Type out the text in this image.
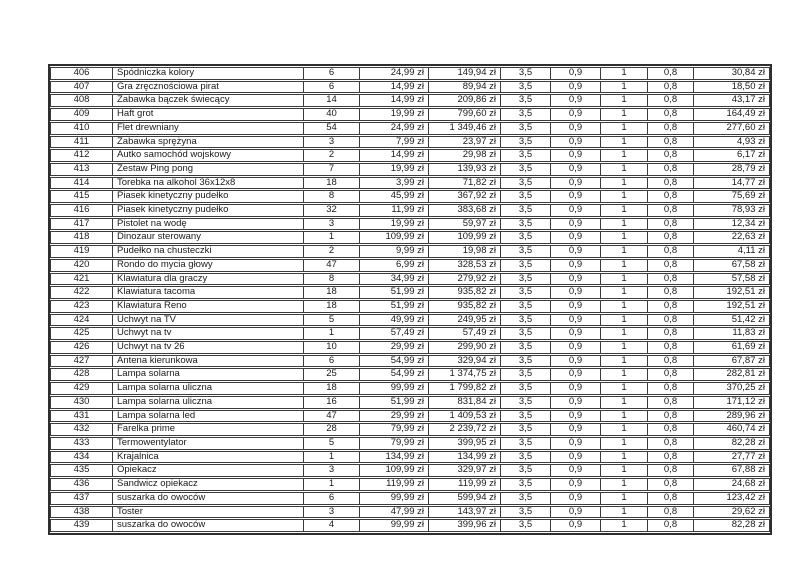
406	Spódniczka kolory	6	24,99 zł	149,94 zł	3,5	0,9	1	0,8	30,84 zł
407	Gra zręcznościowa pirat	6	14,99 zł	89,94 zł	3,5	0,9	1	0,8	18,50 zł
408	Zabawka bączek świecący	14	14,99 zł	209,86 zł	3,5	0,9	1	0,8	43,17 zł
409	Haft grot	40	19,99 zł	799,60 zł	3,5	0,9	1	0,8	164,49 zł
410	Flet drewniany	54	24,99 zł	1 349,46 zł	3,5	0,9	1	0,8	277,60 zł
411	Zabawka sprężyna	3	7,99 zł	23,97 zł	3,5	0,9	1	0,8	4,93 zł
412	Autko samochód wojskowy	2	14,99 zł	29,98 zł	3,5	0,9	1	0,8	6,17 zł
413	Zestaw Ping pong	7	19,99 zł	139,93 zł	3,5	0,9	1	0,8	28,79 zł
414	Torebka na alkohol 36x12x8	18	3,99 zł	71,82 zł	3,5	0,9	1	0,8	14,77 zł
415	Piasek kinetyczny pudełko	8	45,99 zł	367,92 zł	3,5	0,9	1	0,8	75,69 zł
416	Piasek kinetyczny pudełko	32	11,99 zł	383,68 zł	3,5	0,9	1	0,8	78,93 zł
417	Pistolet na wodę	3	19,99 zł	59,97 zł	3,5	0,9	1	0,8	12,34 zł
418	Dinozaur sterowany	1	109,99 zł	109,99 zł	3,5	0,9	1	0,8	22,63 zł
419	Pudełko na chusteczki	2	9,99 zł	19,98 zł	3,5	0,9	1	0,8	4,11 zł
420	Rondo do mycia głowy	47	6,99 zł	328,53 zł	3,5	0,9	1	0,8	67,58 zł
421	Klawiatura dla graczy	8	34,99 zł	279,92 zł	3,5	0,9	1	0,8	57,58 zł
422	Klawiatura tacoma	18	51,99 zł	935,82 zł	3,5	0,9	1	0,8	192,51 zł
423	Klawiatura Reno	18	51,99 zł	935,82 zł	3,5	0,9	1	0,8	192,51 zł
424	Uchwyt na TV	5	49,99 zł	249,95 zł	3,5	0,9	1	0,8	51,42 zł
425	Uchwyt na tv	1	57,49 zł	57,49 zł	3,5	0,9	1	0,8	11,83 zł
426	Uchwyt na tv 26	10	29,99 zł	299,90 zł	3,5	0,9	1	0,8	61,69 zł
427	Antena kierunkowa	6	54,99 zł	329,94 zł	3,5	0,9	1	0,8	67,87 zł
428	Lampa solarna	25	54,99 zł	1 374,75 zł	3,5	0,9	1	0,8	282,81 zł
429	Lampa solarna uliczna	18	99,99 zł	1 799,82 zł	3,5	0,9	1	0,8	370,25 zł
430	Lampa solarna uliczna	16	51,99 zł	831,84 zł	3,5	0,9	1	0,8	171,12 zł
431	Lampa solarna led	47	29,99 zł	1 409,53 zł	3,5	0,9	1	0,8	289,96 zł
432	Farelka prime	28	79,99 zł	2 239,72 zł	3,5	0,9	1	0,8	460,74 zł
433	Termowentylator	5	79,99 zł	399,95 zł	3,5	0,9	1	0,8	82,28 zł
434	Krajalnica	1	134,99 zł	134,99 zł	3,5	0,9	1	0,8	27,77 zł
435	Opiekacz	3	109,99 zł	329,97 zł	3,5	0,9	1	0,8	67,88 zł
436	Sandwicz opiekacz	1	119,99 zł	119,99 zł	3,5	0,9	1	0,8	24,68 zł
437	suszarka do owoców	6	99,99 zł	599,94 zł	3,5	0,9	1	0,8	123,42 zł
438	Toster	3	47,99 zł	143,97 zł	3,5	0,9	1	0,8	29,62 zł
439	suszarka do owoców	4	99,99 zł	399,96 zł	3,5	0,9	1	0,8	82,28 zł
